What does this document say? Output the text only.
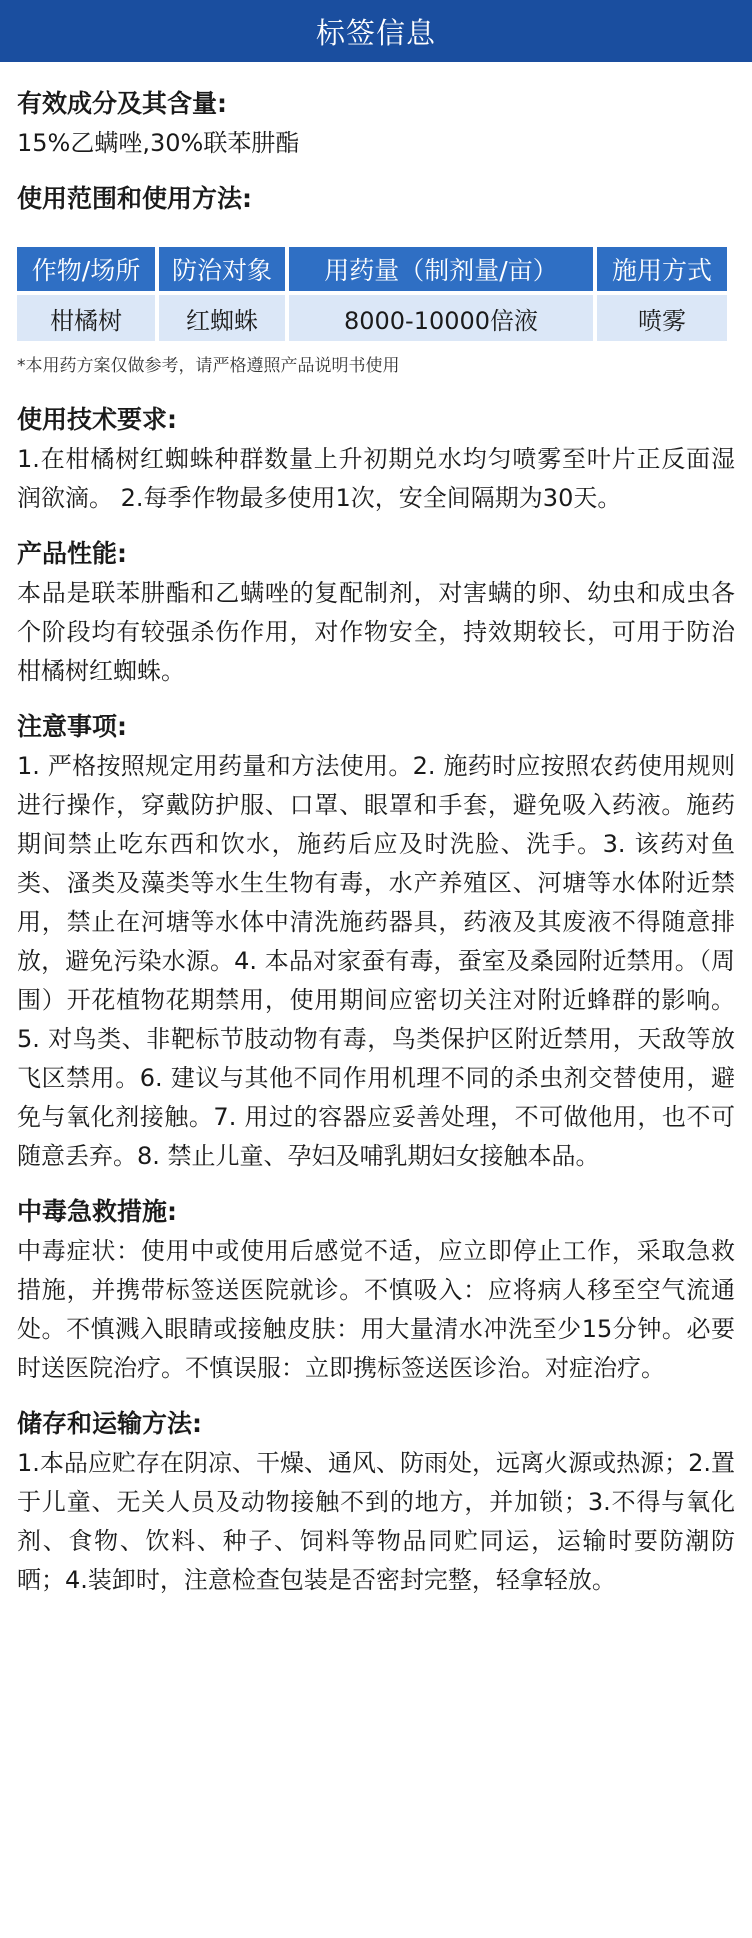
标签信息

有效成分及其含量:

15%乙螨唑,30%联苯肼酯

使用范围和使用方法:

作物/场所	防治对象	用药量（制剂量/亩）	施用方式
柑橘树	红蜘蛛	8000-10000倍液	喷雾

*本用药方案仅做参考，请严格遵照产品说明书使用

使用技术要求:

1.在柑橘树红蜘蛛种群数量上升初期兑水均匀喷雾至叶片正反面湿润欲滴。 2.每季作物最多使用1次，安全间隔期为30天。

产品性能:

本品是联苯肼酯和乙螨唑的复配制剂，对害螨的卵、幼虫和成虫各个阶段均有较强杀伤作用，对作物安全，持效期较长，可用于防治柑橘树红蜘蛛。

注意事项:

1. 严格按照规定用药量和方法使用。2. 施药时应按照农药使用规则进行操作，穿戴防护服、口罩、眼罩和手套，避免吸入药液。施药期间禁止吃东西和饮水，施药后应及时洗脸、洗手。3. 该药对鱼类、溞类及藻类等水生生物有毒，水产养殖区、河塘等水体附近禁用，禁止在河塘等水体中清洗施药器具，药液及其废液不得随意排放，避免污染水源。4. 本品对家蚕有毒，蚕室及桑园附近禁用。（周围）开花植物花期禁用，使用期间应密切关注对附近蜂群的影响。5. 对鸟类、非靶标节肢动物有毒，鸟类保护区附近禁用，天敌等放飞区禁用。6. 建议与其他不同作用机理不同的杀虫剂交替使用，避免与氧化剂接触。7. 用过的容器应妥善处理，不可做他用，也不可随意丢弃。8. 禁止儿童、孕妇及哺乳期妇女接触本品。

中毒急救措施:

中毒症状：使用中或使用后感觉不适，应立即停止工作，采取急救措施，并携带标签送医院就诊。不慎吸入：应将病人移至空气流通处。不慎溅入眼睛或接触皮肤：用大量清水冲洗至少15分钟。必要时送医院治疗。不慎误服：立即携标签送医诊治。对症治疗。

储存和运输方法:

1.本品应贮存在阴凉、干燥、通风、防雨处，远离火源或热源；2.置于儿童、无关人员及动物接触不到的地方，并加锁；3.不得与氧化剂、食物、饮料、种子、饲料等物品同贮同运，运输时要防潮防晒；4.装卸时，注意检查包装是否密封完整，轻拿轻放。
